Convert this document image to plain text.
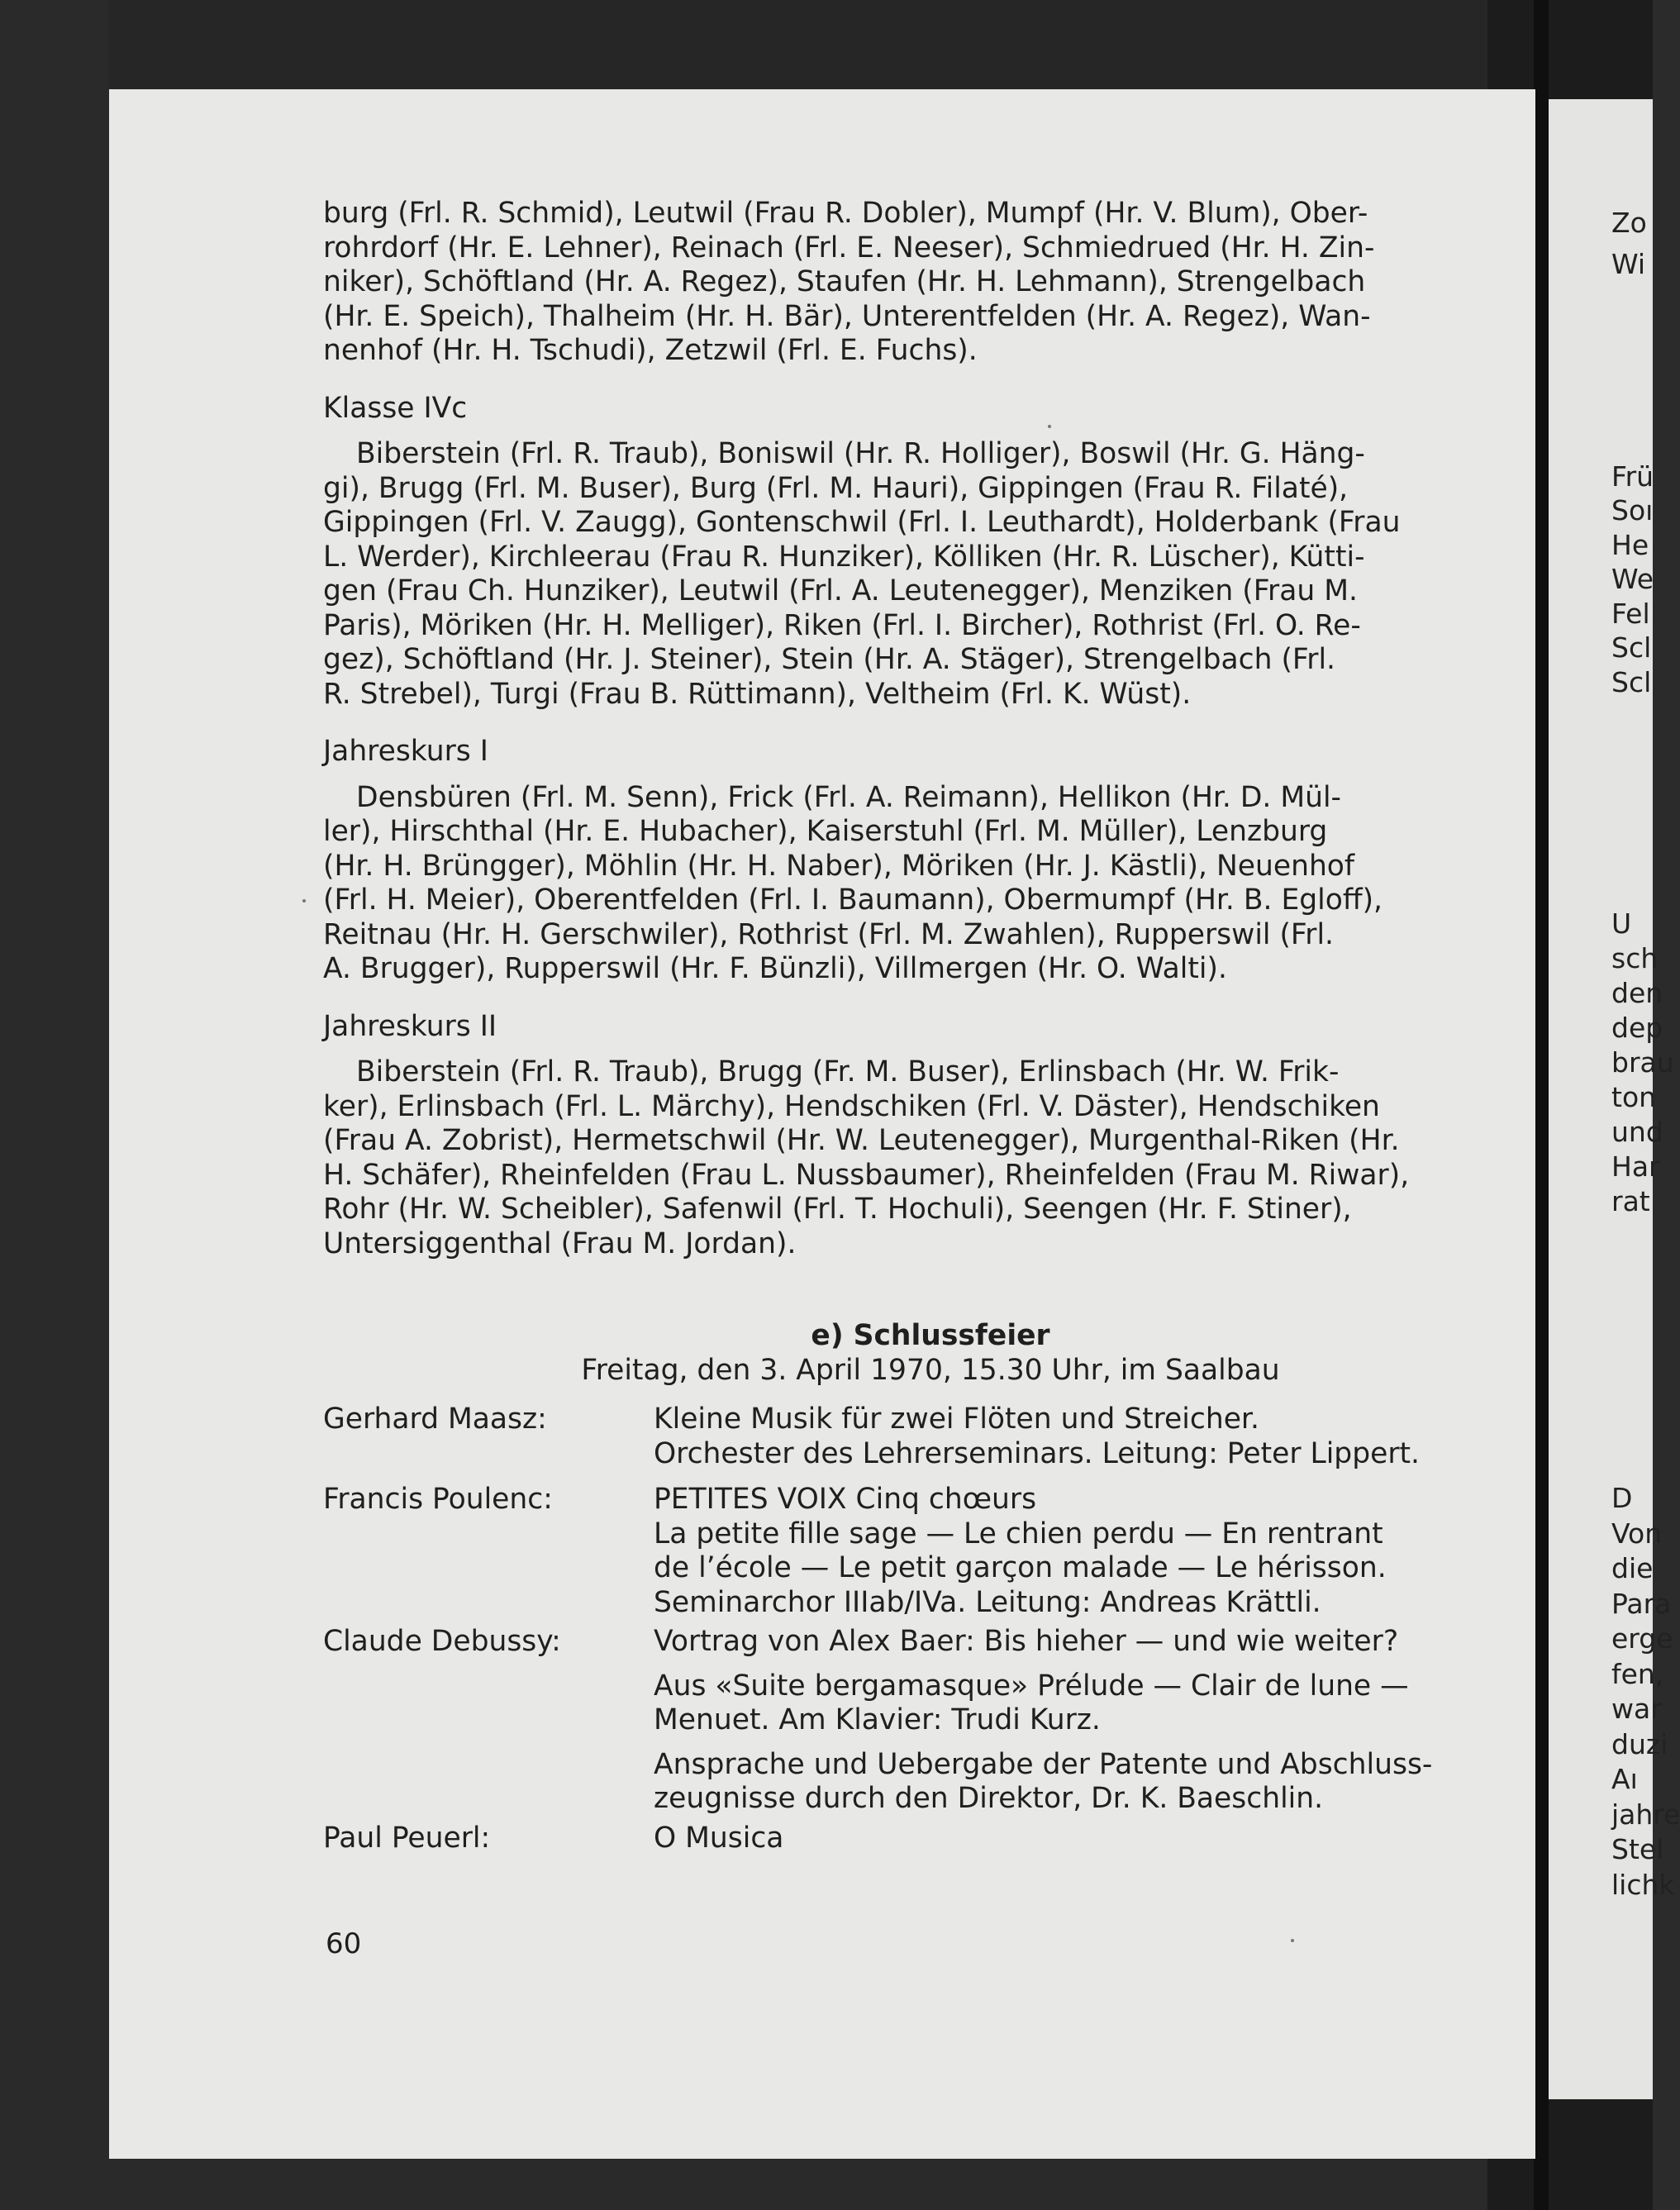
burg (Frl. R. Schmid), Leutwil (Frau R. Dobler), Mumpf (Hr. V. Blum), Ober-
rohrdorf (Hr. E. Lehner), Reinach (Frl. E. Neeser), Schmiedrued (Hr. H. Zin-
niker), Schöftland (Hr. A. Regez), Staufen (Hr. H. Lehmann), Strengelbach
(Hr. E. Speich), Thalheim (Hr. H. Bär), Unterentfelden (Hr. A. Regez), Wan-
nenhof (Hr. H. Tschudi), Zetzwil (Frl. E. Fuchs).
Klasse IVc
Biberstein (Frl. R. Traub), Boniswil (Hr. R. Holliger), Boswil (Hr. G. Häng-
gi), Brugg (Frl. M. Buser), Burg (Frl. M. Hauri), Gippingen (Frau R. Filaté),
Gippingen (Frl. V. Zaugg), Gontenschwil (Frl. I. Leuthardt), Holderbank (Frau
L. Werder), Kirchleerau (Frau R. Hunziker), Kölliken (Hr. R. Lüscher), Kütti-
gen (Frau Ch. Hunziker), Leutwil (Frl. A. Leutenegger), Menziken (Frau M.
Paris), Möriken (Hr. H. Melliger), Riken (Frl. I. Bircher), Rothrist (Frl. O. Re-
gez), Schöftland (Hr. J. Steiner), Stein (Hr. A. Stäger), Strengelbach (Frl.
R. Strebel), Turgi (Frau B. Rüttimann), Veltheim (Frl. K. Wüst).
Jahreskurs I
Densbüren (Frl. M. Senn), Frick (Frl. A. Reimann), Hellikon (Hr. D. Mül-
ler), Hirschthal (Hr. E. Hubacher), Kaiserstuhl (Frl. M. Müller), Lenzburg
(Hr. H. Brüngger), Möhlin (Hr. H. Naber), Möriken (Hr. J. Kästli), Neuenhof
(Frl. H. Meier), Oberentfelden (Frl. I. Baumann), Obermumpf (Hr. B. Egloff),
Reitnau (Hr. H. Gerschwiler), Rothrist (Frl. M. Zwahlen), Rupperswil (Frl.
A. Brugger), Rupperswil (Hr. F. Bünzli), Villmergen (Hr. O. Walti).
Jahreskurs II
Biberstein (Frl. R. Traub), Brugg (Fr. M. Buser), Erlinsbach (Hr. W. Frik-
ker), Erlinsbach (Frl. L. Märchy), Hendschiken (Frl. V. Däster), Hendschiken
(Frau A. Zobrist), Hermetschwil (Hr. W. Leutenegger), Murgenthal-Riken (Hr.
H. Schäfer), Rheinfelden (Frau L. Nussbaumer), Rheinfelden (Frau M. Riwar),
Rohr (Hr. W. Scheibler), Safenwil (Frl. T. Hochuli), Seengen (Hr. F. Stiner),
Untersiggenthal (Frau M. Jordan).
e) Schlussfeier
Freitag, den 3. April 1970, 15.30 Uhr, im Saalbau
Gerhard Maasz:	Kleine Musik für zwei Flöten und Streicher.

Orchester des Lehrerseminars. Leitung: Peter Lippert.

Francis Poulenc:	PETITES VOIX Cinq chœurs

La petite fille sage — Le chien perdu — En rentrant

de l’école — Le petit garçon malade — Le hérisson.

Seminarchor IIIab/IVa. Leitung: Andreas Krättli.

Claude Debussy:	Vortrag von Alex Baer: Bis hieher — und wie weiter?

Aus «Suite bergamasque» Prélude — Clair de lune —

Menuet. Am Klavier: Trudi Kurz.

Ansprache und Uebergabe der Patente und Abschluss-

zeugnisse durch den Direktor, Dr. K. Baeschlin.

Paul Peuerl:	O Musica

60
Zo
Wi
Frü
Soı
He
We
Fel
Scl
Scl
U
sch
den
dep
brau
ton
und
Har
rat
D
Von
die
Para
erge
fen,
war
duzi
Aı
jahre
Stel
lichk
